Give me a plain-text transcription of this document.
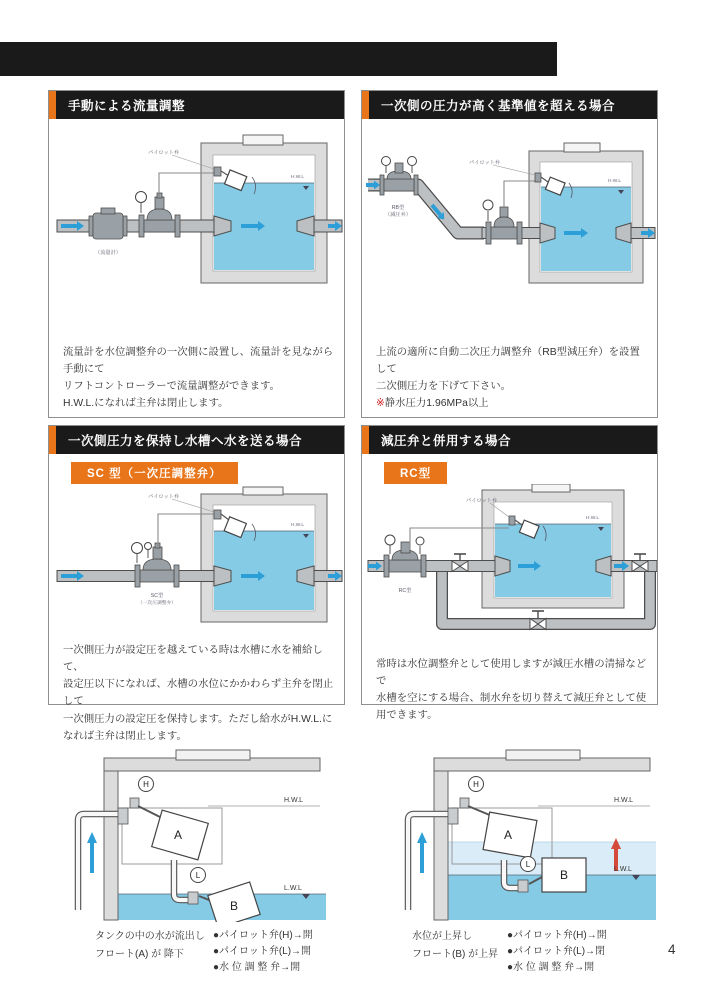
手動による流量調整
H.W.L
パイロット弁
（流量計）
流量計を水位調整弁の一次側に設置し、流量計を見ながら手動にて
リフトコントローラーで流量調整ができます。
H.W.L.になれば主弁は閉止します。
一次側の圧力が高く基準値を超える場合
H.W.L
RB型
（減圧弁）
パイロット弁
上流の適所に自動二次圧力調整弁（RB型減圧弁）を設置して
二次側圧力を下げて下さい。
※静水圧力1.96MPa以上
一次側圧力を保持し水槽へ水を送る場合
SC 型（一次圧調整弁）
H.W.L
SC型
（一次圧調整弁）
パイロット弁
一次側圧力が設定圧を越えている時は水槽に水を補給して、
設定圧以下になれば、水槽の水位にかかわらず主弁を閉止して
一次側圧力の設定圧を保持します。ただし給水がH.W.L.に
なれば主弁は閉止します。
減圧弁と併用する場合
RC型
H.W.L
RC型
パイロット弁
常時は水位調整弁として使用しますが減圧水槽の清掃などで
水槽を空にする場合、制水弁を切り替えて減圧弁として使用できます。
H
A
H.W.L
L
B
L.W.L
H
A
H.W.L
L
B	L.W.L
タンクの中の水が流出し
フロート(A) が 降下
●パイロット弁(H)→開
●パイロット弁(L)→開
●水 位 調 整 弁→開
水位が上昇し
フロート(B) が上昇
●パイロット弁(H)→開
●パイロット弁(L)→閉
●水 位 調 整 弁→開
4
